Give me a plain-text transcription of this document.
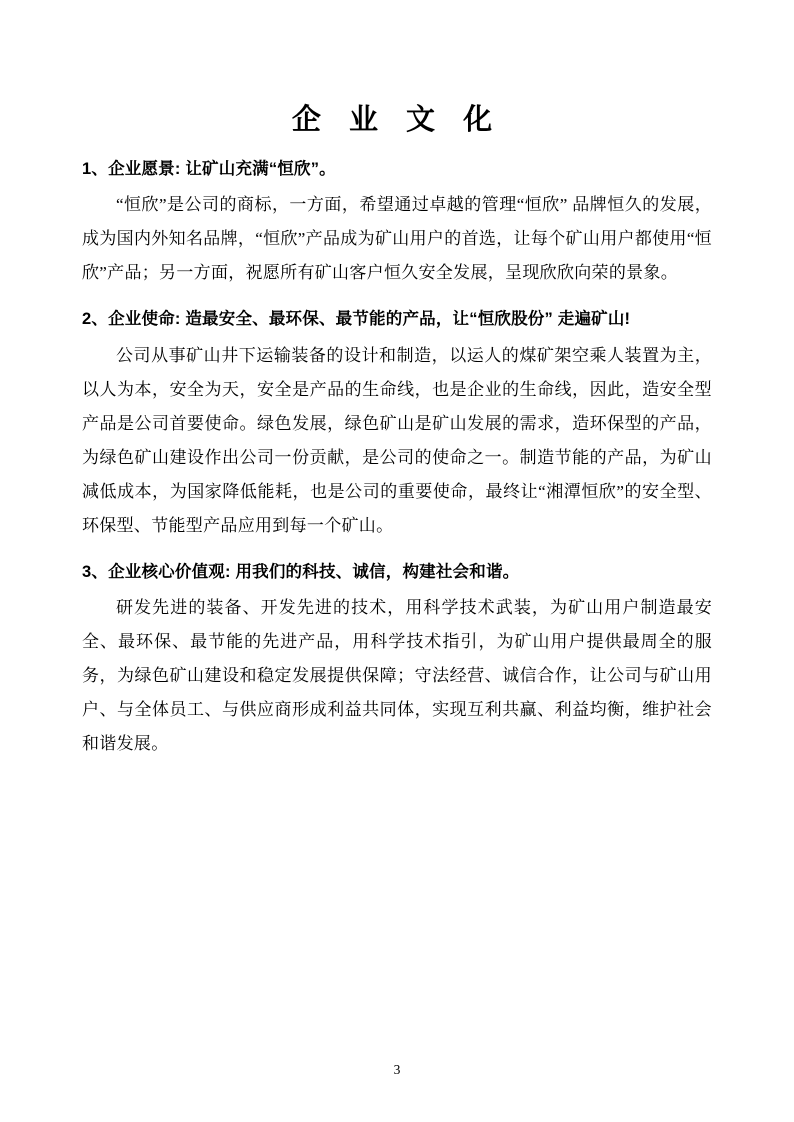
企 业 文 化
1、企业愿景: 让矿山充满“恒欣”。

“恒欣”是公司的商标，一方面，希望通过卓越的管理“恒欣” 品牌恒久的发展，成为国内外知名品牌，“恒欣”产品成为矿山用户的首选，让每个矿山用户都使用“恒欣”产品；另一方面，祝愿所有矿山客户恒久安全发展，呈现欣欣向荣的景象。

2、企业使命: 造最安全、最环保、最节能的产品，让“恒欣股份” 走遍矿山!

公司从事矿山井下运输装备的设计和制造，以运人的煤矿架空乘人装置为主，以人为本，安全为天，安全是产品的生命线，也是企业的生命线，因此，造安全型产品是公司首要使命。绿色发展，绿色矿山是矿山发展的需求，造环保型的产品，为绿色矿山建设作出公司一份贡献，是公司的使命之一。制造节能的产品，为矿山减低成本，为国家降低能耗，也是公司的重要使命，最终让“湘潭恒欣”的安全型、环保型、节能型产品应用到每一个矿山。

3、企业核心价值观: 用我们的科技、诚信，构建社会和谐。

研发先进的装备、开发先进的技术，用科学技术武装，为矿山用户制造最安全、最环保、最节能的先进产品，用科学技术指引，为矿山用户提供最周全的服务，为绿色矿山建设和稳定发展提供保障；守法经营、诚信合作，让公司与矿山用户、与全体员工、与供应商形成利益共同体，实现互利共赢、利益均衡，维护社会和谐发展。

3
